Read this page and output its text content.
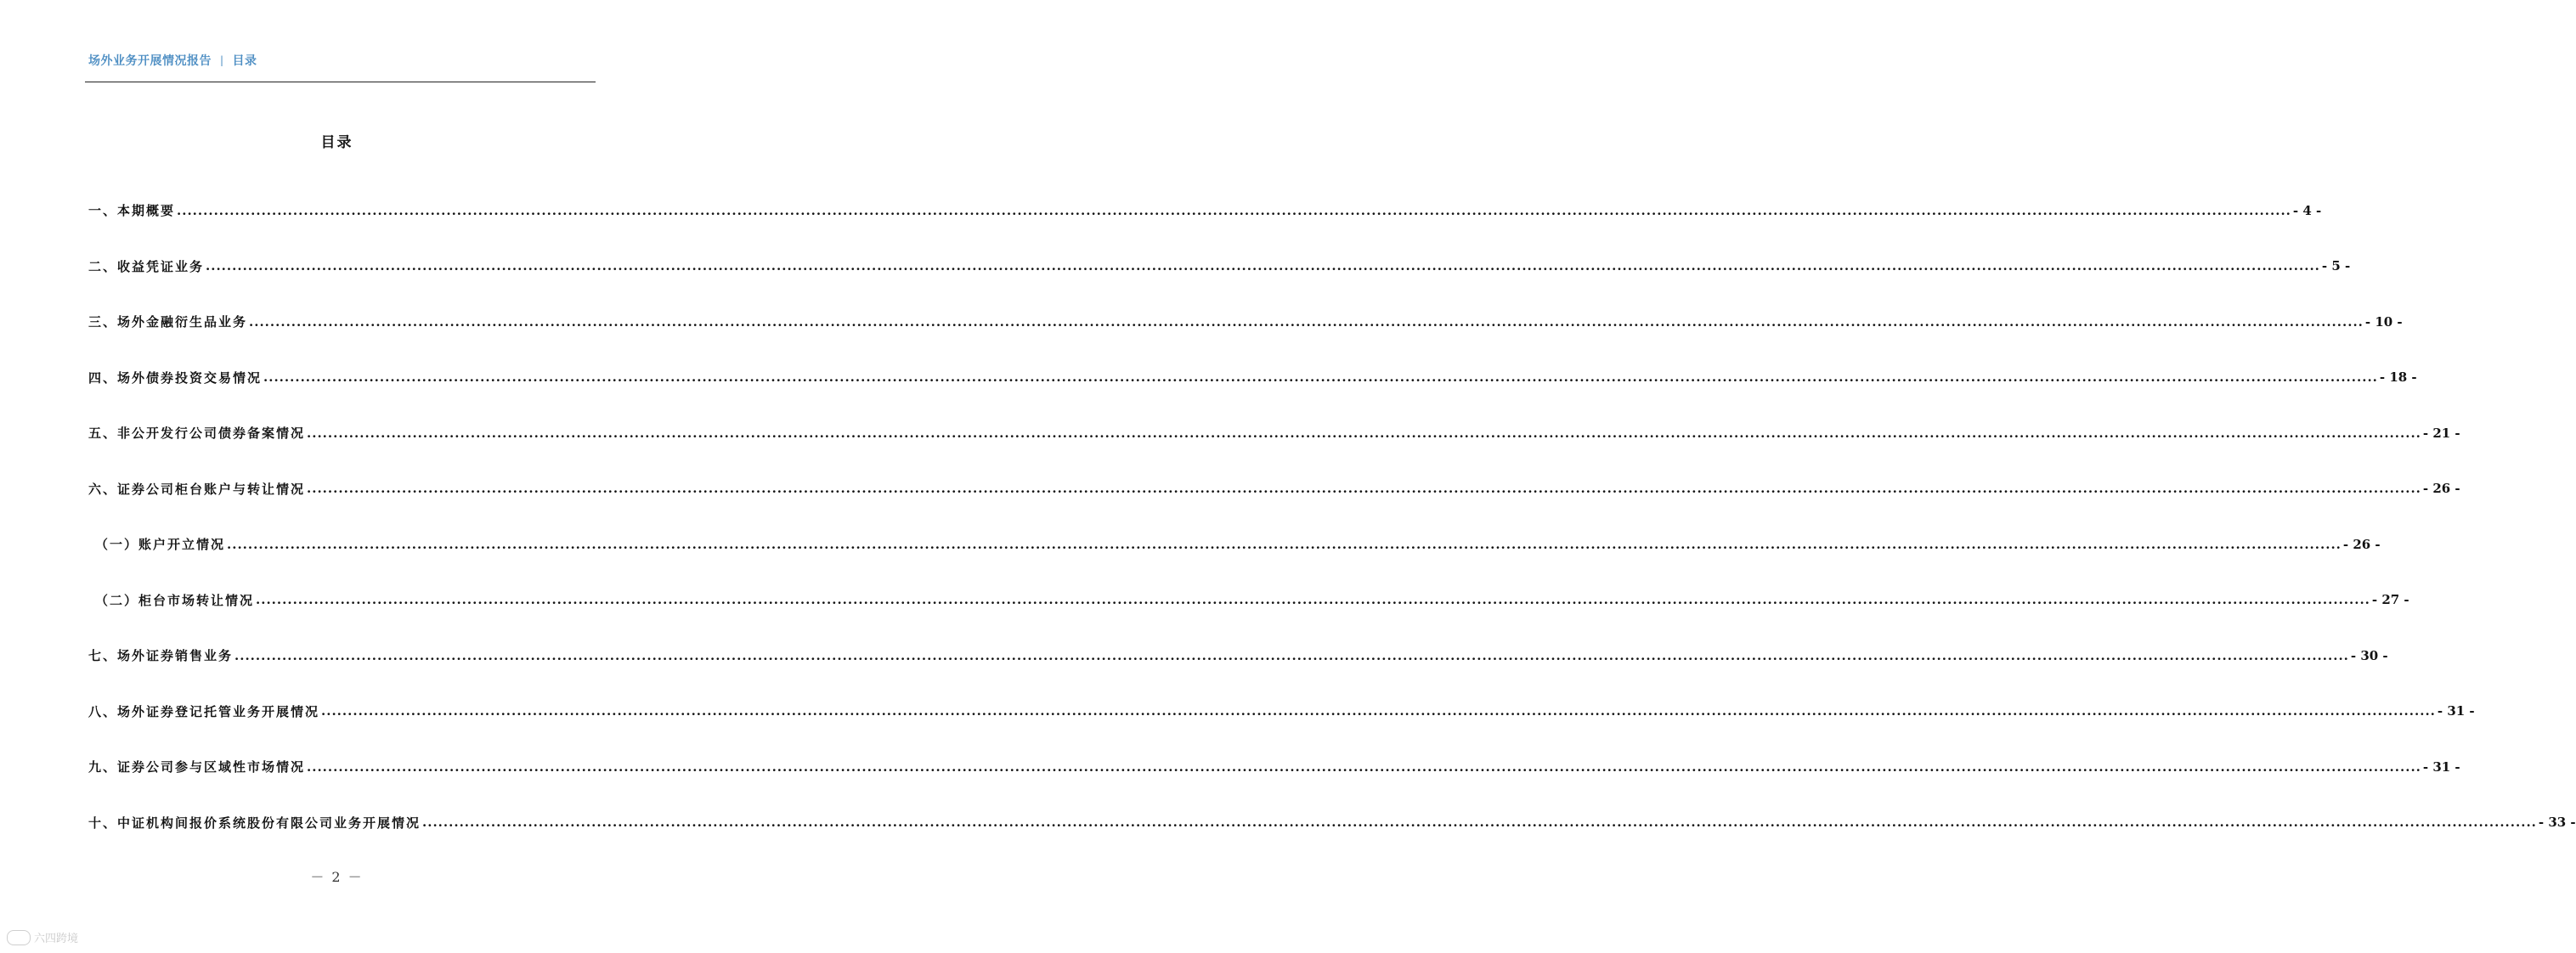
场外业务开展情况报告 | 目录
目录
一、本期概要 ................................................................................................................................................................................................................................................................................................................................................................................................................ - 4 -
二、收益凭证业务 ................................................................................................................................................................................................................................................................................................................................................................................................................ - 5 -
三、场外金融衍生品业务 ................................................................................................................................................................................................................................................................................................................................................................................................................ - 10 -
四、场外债券投资交易情况 ................................................................................................................................................................................................................................................................................................................................................................................................................ - 18 -
五、非公开发行公司债券备案情况 ................................................................................................................................................................................................................................................................................................................................................................................................................ - 21 -
六、证券公司柜台账户与转让情况 ................................................................................................................................................................................................................................................................................................................................................................................................................ - 26 -
（一）账户开立情况 ................................................................................................................................................................................................................................................................................................................................................................................................................ - 26 -
（二）柜台市场转让情况 ................................................................................................................................................................................................................................................................................................................................................................................................................ - 27 -
七、场外证券销售业务 ................................................................................................................................................................................................................................................................................................................................................................................................................ - 30 -
八、场外证券登记托管业务开展情况 ................................................................................................................................................................................................................................................................................................................................................................................................................ - 31 -
九、证券公司参与区域性市场情况 ................................................................................................................................................................................................................................................................................................................................................................................................................ - 31 -
十、中证机构间报价系统股份有限公司业务开展情况 ................................................................................................................................................................................................................................................................................................................................................................................................................ - 33 -
－ 2 －
六四跨境
